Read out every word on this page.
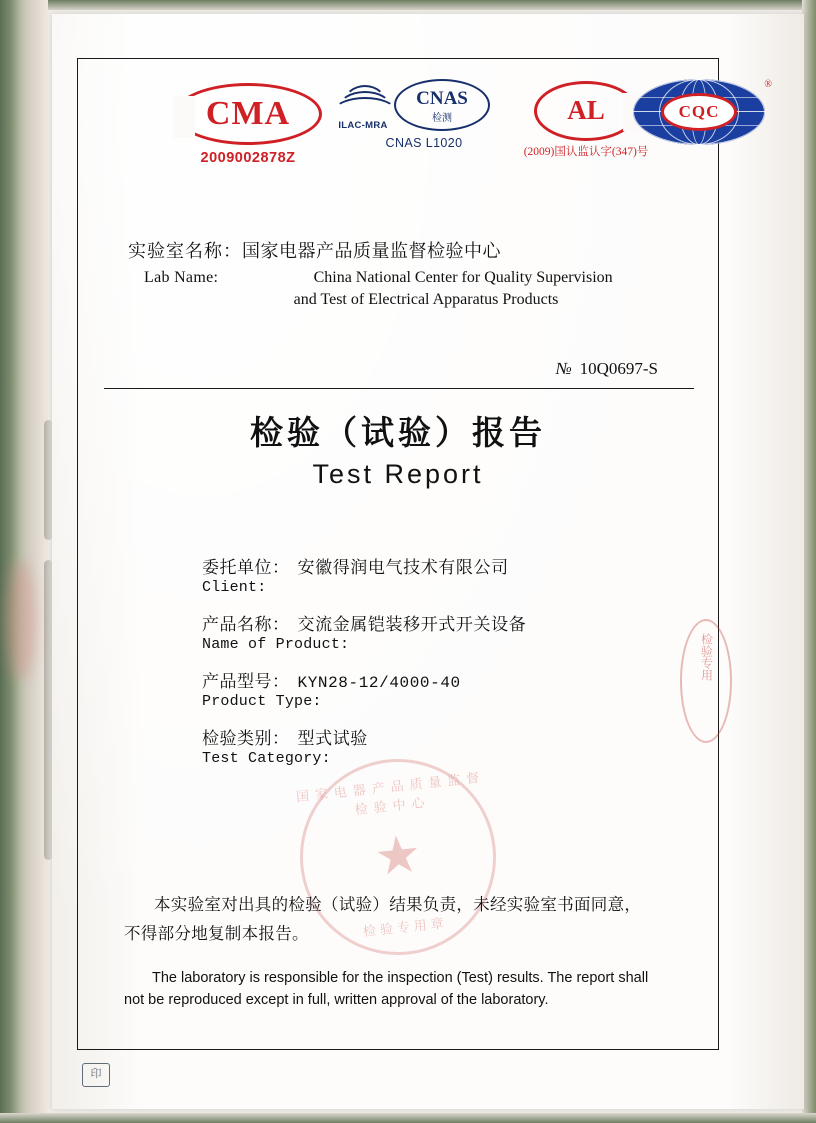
CMA
2009002878Z
ILAC-MRA
CNAS
检测
CNAS L1020
AL
(2009)国认监认字(347)号
CQC
®
实验室名称：国家电器产品质量监督检验中心
Lab Name:	China National Center for Quality Supervision
and Test of Electrical Apparatus Products
№ 10Q0697-S
检验（试验）报告
Test Report
委托单位： 安徽得润电气技术有限公司
Client:
产品名称： 交流金属铠装移开式开关设备
Name of Product:
产品型号： KYN28-12/4000-40
Product Type:
检验类别： 型式试验
Test Category:
国家电器产品质量监督检验中心
★
检验专用章
检验专用
本实验室对出具的检验（试验）结果负责，未经实验室书面同意，
不得部分地复制本报告。
The laboratory is responsible for the inspection (Test) results. The report shall
not be reproduced except in full, written approval of the laboratory.
印
